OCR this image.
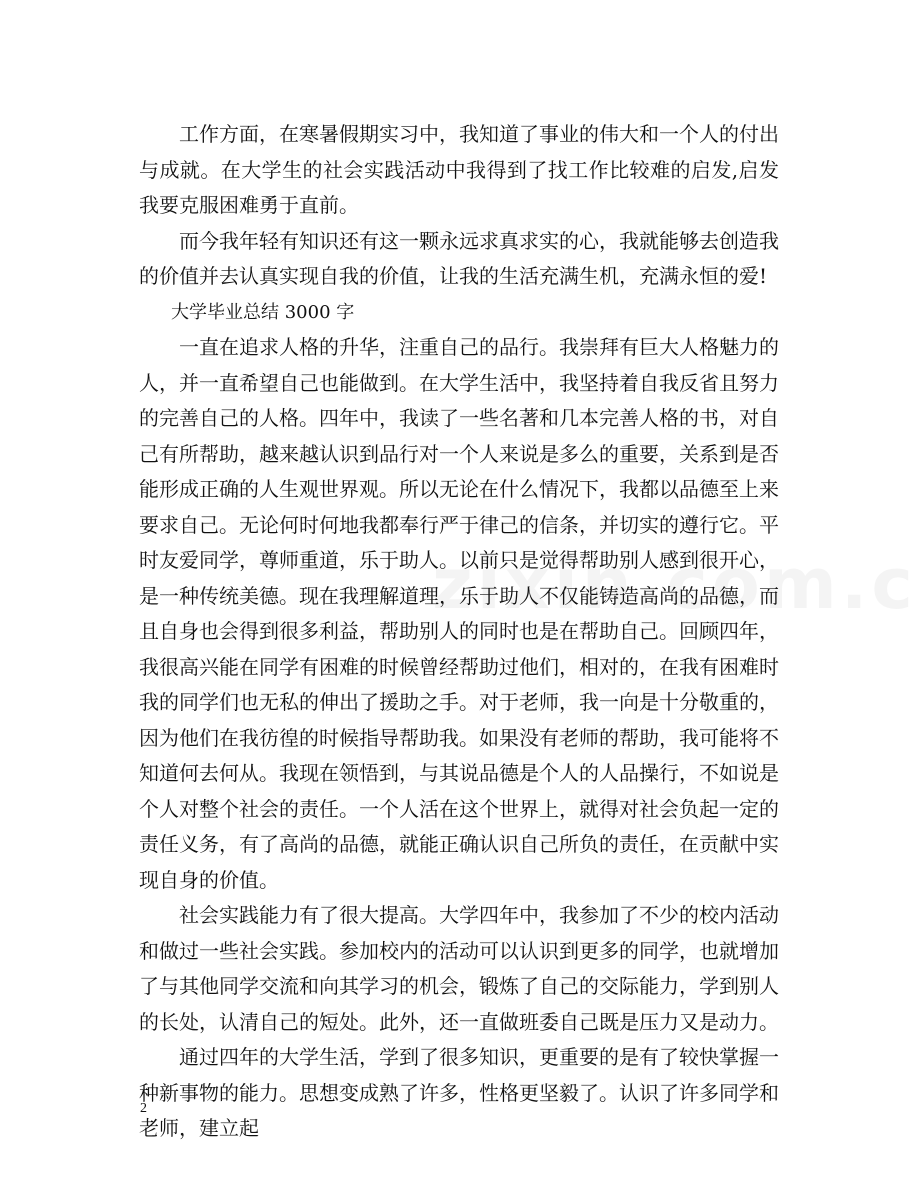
工作方面，在寒暑假期实习中，我知道了事业的伟大和一个人的付出与成就。在大学生的社会实践活动中我得到了找工作比较难的启发,启发我要克服困难勇于直前。

而今我年轻有知识还有这一颗永远求真求实的心，我就能够去创造我的价值并去认真实现自我的价值，让我的生活充满生机，充满永恒的爱!

大学毕业总结 3000 字

一直在追求人格的升华，注重自己的品行。我崇拜有巨大人格魅力的人，并一直希望自己也能做到。在大学生活中，我坚持着自我反省且努力的完善自己的人格。四年中，我读了一些名著和几本完善人格的书，对自己有所帮助，越来越认识到品行对一个人来说是多么的重要，关系到是否能形成正确的人生观世界观。所以无论在什么情况下，我都以品德至上来要求自己。无论何时何地我都奉行严于律己的信条，并切实的遵行它。平时友爱同学，尊师重道，乐于助人。以前只是觉得帮助别人感到很开心，是一种传统美德。现在我理解道理，乐于助人不仅能铸造高尚的品德，而且自身也会得到很多利益，帮助别人的同时也是在帮助自己。回顾四年，我很高兴能在同学有困难的时候曾经帮助过他们，相对的，在我有困难时我的同学们也无私的伸出了援助之手。对于老师，我一向是十分敬重的，因为他们在我彷徨的时候指导帮助我。如果没有老师的帮助，我可能将不知道何去何从。我现在领悟到，与其说品德是个人的人品操行，不如说是个人对整个社会的责任。一个人活在这个世界上，就得对社会负起一定的责任义务，有了高尚的品德，就能正确认识自己所负的责任，在贡献中实现自身的价值。

社会实践能力有了很大提高。大学四年中，我参加了不少的校内活动和做过一些社会实践。参加校内的活动可以认识到更多的同学，也就增加了与其他同学交流和向其学习的机会，锻炼了自己的交际能力，学到别人的长处，认清自己的短处。此外，还一直做班委自己既是压力又是动力。

通过四年的大学生活，学到了很多知识，更重要的是有了较快掌握一种新事物的能力。思想变成熟了许多，性格更坚毅了。认识了许多同学和老师，建立起

2
